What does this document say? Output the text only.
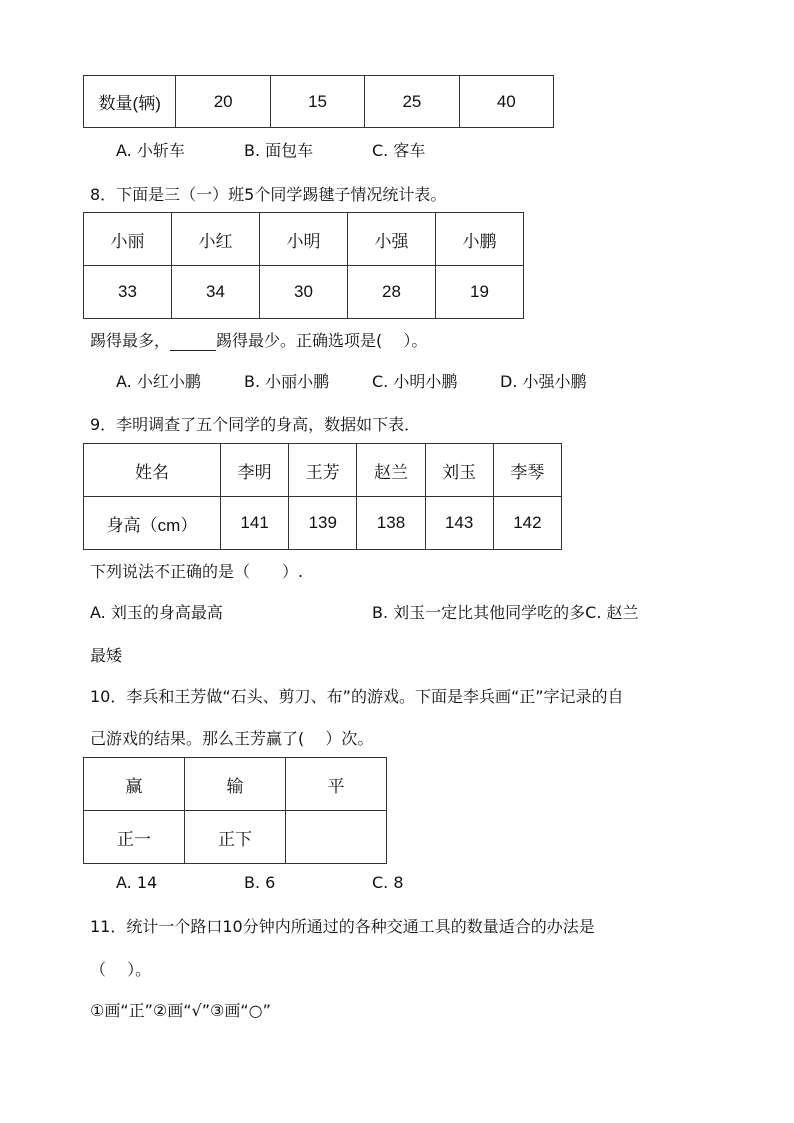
数量(辆)	20	15	25	40
A. 小斩车	B. 面包车	C. 客车
8．下面是三（一）班5个同学踢毽子情况统计表。
小丽	小红	小明	小强	小鹏
33	34	30	28	19
踢得最多，	踢得最少。正确选项是(　 ）。
A. 小红小鹏	B. 小丽小鹏	C. 小明小鹏	D. 小强小鹏
9．李明调查了五个同学的身高，数据如下表．
姓名	李明	王芳	赵兰	刘玉	李琴
身高（cm）	141	139	138	143	142
下列说法不正确的是（　　）.
A. 刘玉的身高最高	B. 刘玉一定比其他同学吃的多C. 赵兰
最矮
10．李兵和王芳做“石头、剪刀、布”的游戏。下面是李兵画“正”字记录的自
己游戏的结果。那么王芳赢了(　 ）次。
赢	输	平
正一	正下	
A. 14	B. 6	C. 8
11．统计一个路口10分钟内所通过的各种交通工具的数量适合的办法是
（　 ）。
①画“正”②画“√”③画“○”
